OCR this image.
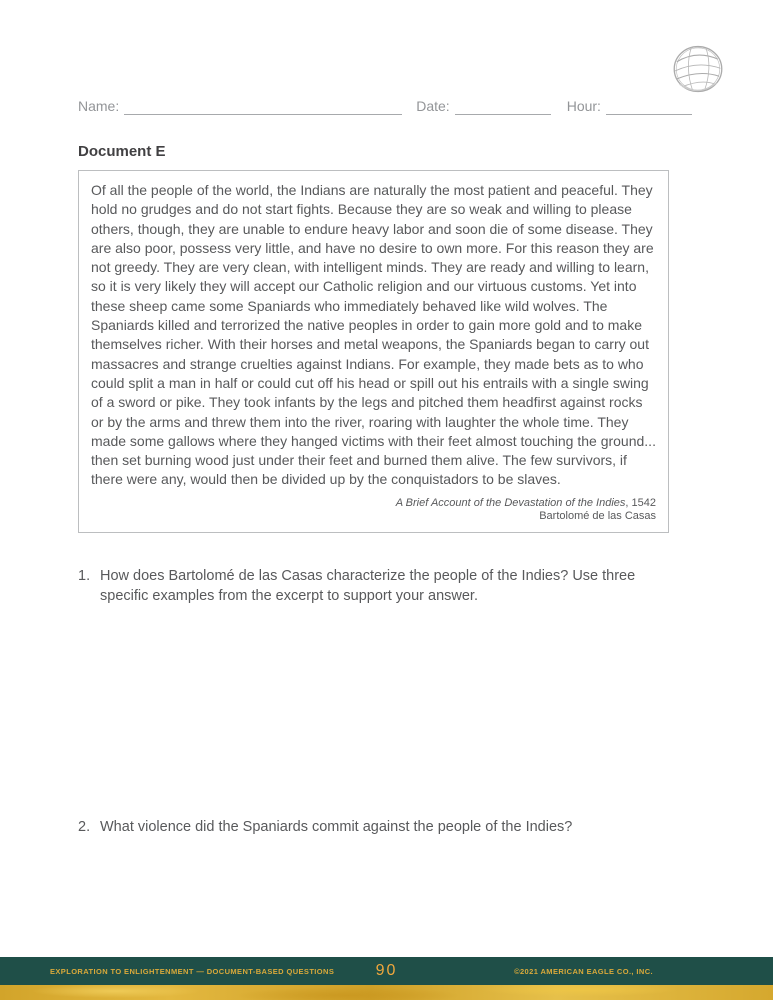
Name:	Date:	Hour:
Document E

Of all the people of the world, the Indians are naturally the most patient and peaceful. They hold no grudges and do not start fights. Because they are so weak and willing to please others, though, they are unable to endure heavy labor and soon die of some disease. They are also poor, possess very little, and have no desire to own more. For this reason they are not greedy. They are very clean, with intelligent minds. They are ready and willing to learn, so it is very likely they will accept our Catholic religion and our virtuous customs. Yet into these sheep came some Spaniards who immediately behaved like wild wolves. The Spaniards killed and terrorized the native peoples in order to gain more gold and to make themselves richer. With their horses and metal weapons, the Spaniards began to carry out massacres and strange cruelties against Indians. For example, they made bets as to who could split a man in half or could cut off his head or spill out his entrails with a single swing of a sword or pike. They took infants by the legs and pitched them headfirst against rocks or by the arms and threw them into the river, roaring with laughter the whole time. They made some gallows where they hanged victims with their feet almost touching the ground... then set burning wood just under their feet and burned them alive. The few survivors, if there were any, would then be divided up by the conquistadors to be slaves.

A Brief Account of the Devastation of the Indies, 1542
Bartolomé de las Casas
1. How does Bartolomé de las Casas characterize the people of the Indies? Use three specific examples from the excerpt to support your answer.
2. What violence did the Spaniards commit against the people of the Indies?
EXPLORATION TO ENLIGHTENMENT — DOCUMENT-BASED QUESTIONS	90	©2021 AMERICAN EAGLE CO., INC.
